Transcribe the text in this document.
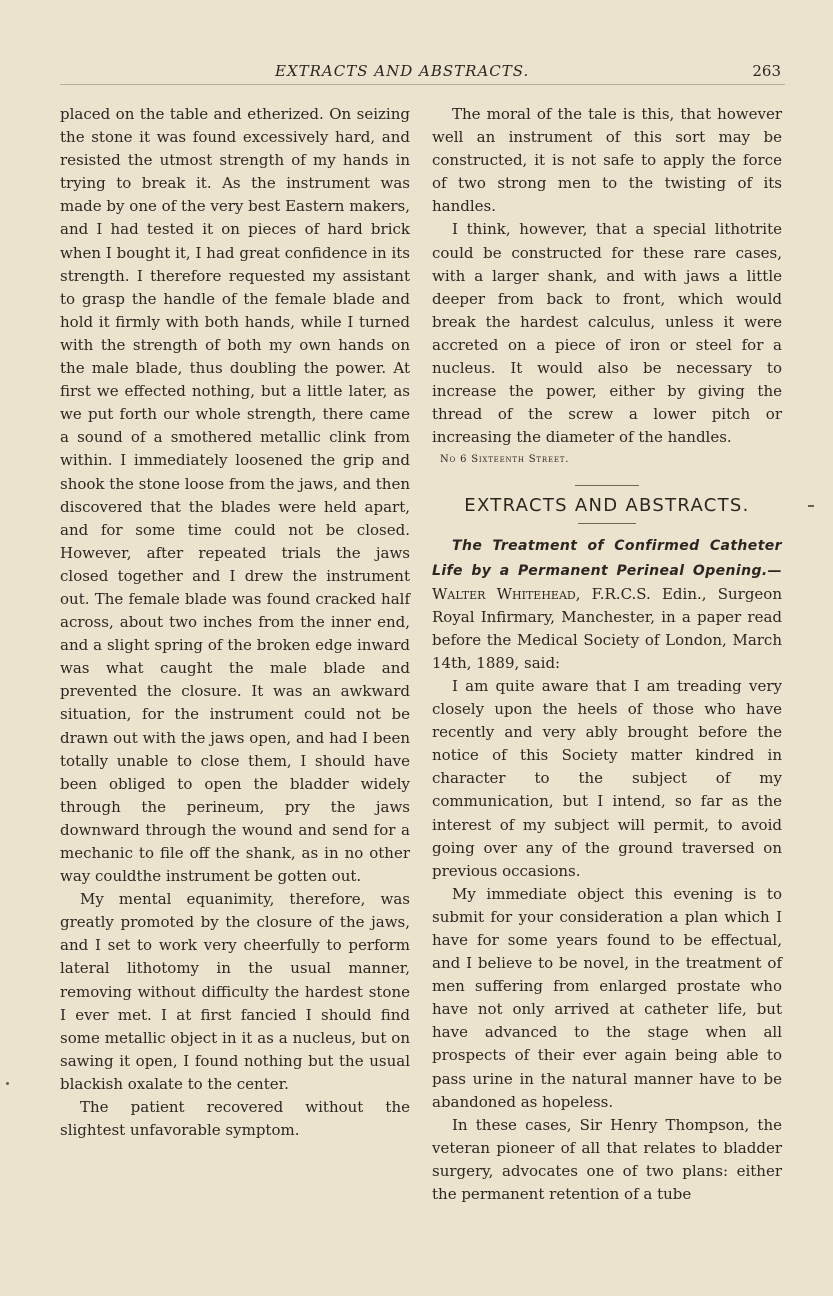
EXTRACTS AND ABSTRACTS.	263

placed on the table and etherized. On seizing the stone it was found excessively hard, and resisted the utmost strength of my hands in trying to break it. As the instrument was made by one of the very best Eastern makers, and I had tested it on pieces of hard brick when I bought it, I had great confidence in its strength. I therefore requested my assistant to grasp the handle of the female blade and hold it firmly with both hands, while I turned with the strength of both my own hands on the male blade, thus doubling the power. At first we effected nothing, but a little later, as we put forth our whole strength, there came a sound of a smothered metallic clink from within. I immediately loosened the grip and shook the stone loose from the jaws, and then discovered that the blades were held apart, and for some time could not be closed. However, after repeated trials the jaws closed together and I drew the instrument out. The female blade was found cracked half across, about two inches from the inner end, and a slight spring of the broken edge inward was what caught the male blade and prevented the closure. It was an awkward situation, for the instrument could not be drawn out with the jaws open, and had I been totally unable to close them, I should have been obliged to open the bladder widely through the perineum, pry the jaws downward through the wound and send for a mechanic to file off the shank, as in no other way couldthe instrument be gotten out.

My mental equanimity, therefore, was greatly promoted by the closure of the jaws, and I set to work very cheerfully to perform lateral lithotomy in the usual manner, removing without difficulty the hardest stone I ever met. I at first fancied I should find some metallic object in it as a nucleus, but on sawing it open, I found nothing but the usual blackish oxalate to the center.

The patient recovered without the slightest unfavorable symptom.

The moral of the tale is this, that however well an instrument of this sort may be constructed, it is not safe to apply the force of two strong men to the twisting of its handles.

I think, however, that a special lithotrite could be constructed for these rare cases, with a larger shank, and with jaws a little deeper from back to front, which would break the hardest calculus, unless it were accreted on a piece of iron or steel for a nucleus. It would also be necessary to increase the power, either by giving the thread of the screw a lower pitch or increasing the diameter of the handles.

No 6 Sixteenth Street.
EXTRACTS AND ABSTRACTS.

The Treatment of Confirmed Catheter Life by a Permanent Perineal Opening.— Walter Whitehead, F.R.C.S. Edin., Surgeon Royal Infirmary, Manchester, in a paper read before the Medical Society of London, March 14th, 1889, said:

I am quite aware that I am treading very closely upon the heels of those who have recently and very ably brought before the notice of this Society matter kindred in character to the subject of my communication, but I intend, so far as the interest of my subject will permit, to avoid going over any of the ground traversed on previous occasions.

My immediate object this evening is to submit for your consideration a plan which I have for some years found to be effectual, and I believe to be novel, in the treatment of men suffering from enlarged prostate who have not only arrived at catheter life, but have advanced to the stage when all prospects of their ever again being able to pass urine in the natural manner have to be abandoned as hopeless.

In these cases, Sir Henry Thompson, the veteran pioneer of all that relates to bladder surgery, advocates one of two plans: either the permanent retention of a tube
